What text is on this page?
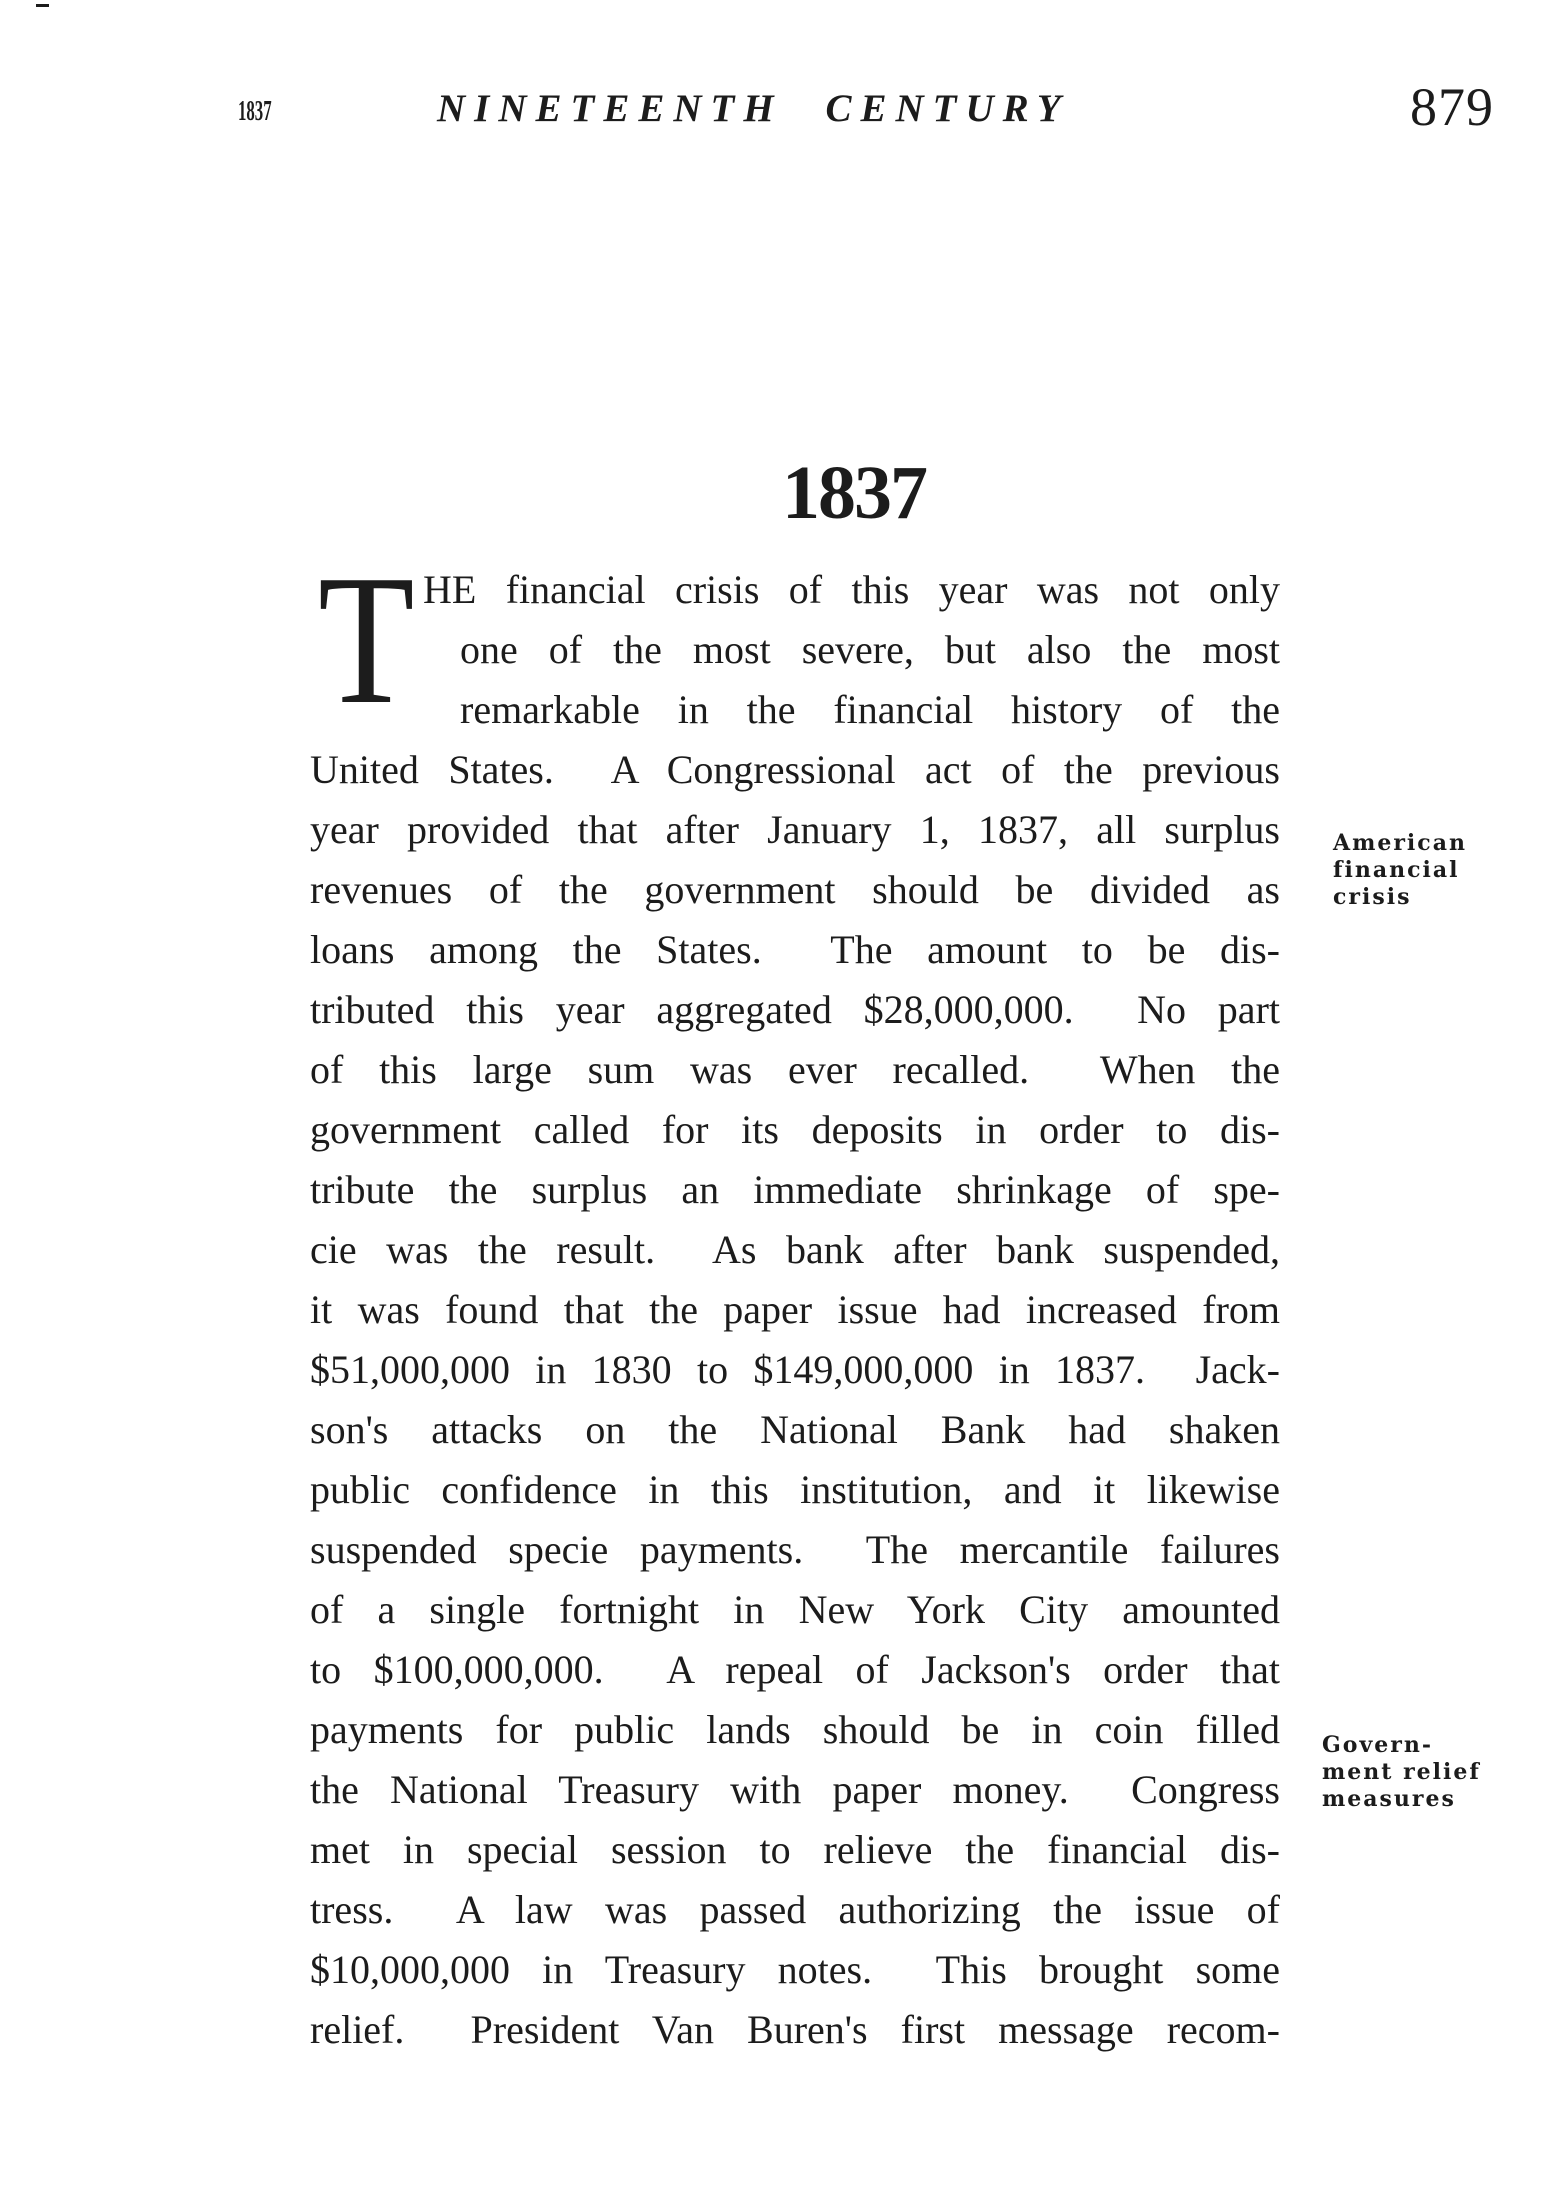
1837	NINETEENTH CENTURY	879
1837
T HE financial crisis of this year was not only
one of the most severe, but also the most
remarkable in the financial history of the
United States.  A Congressional act of the previous
year provided that after January 1, 1837, all surplus
revenues of the government should be divided as
loans among the States.  The amount to be dis-
tributed this year aggregated $28,000,000.  No part
of this large sum was ever recalled.  When the
government called for its deposits in order to dis-
tribute the surplus an immediate shrinkage of spe-
cie was the result.  As bank after bank suspended,
it was found that the paper issue had increased from
$51,000,000 in 1830 to $149,000,000 in 1837.  Jack-
son's attacks on the National Bank had shaken
public confidence in this institution, and it likewise
suspended specie payments.  The mercantile failures
of a single fortnight in New York City amounted
to $100,000,000.  A repeal of Jackson's order that
payments for public lands should be in coin filled
the National Treasury with paper money.  Congress
met in special session to relieve the financial dis-
tress.  A law was passed authorizing the issue of
$10,000,000 in Treasury notes.  This brought some
relief.  President Van Buren's first message recom-
American
financial
crisis
Govern-
ment relief
measures
